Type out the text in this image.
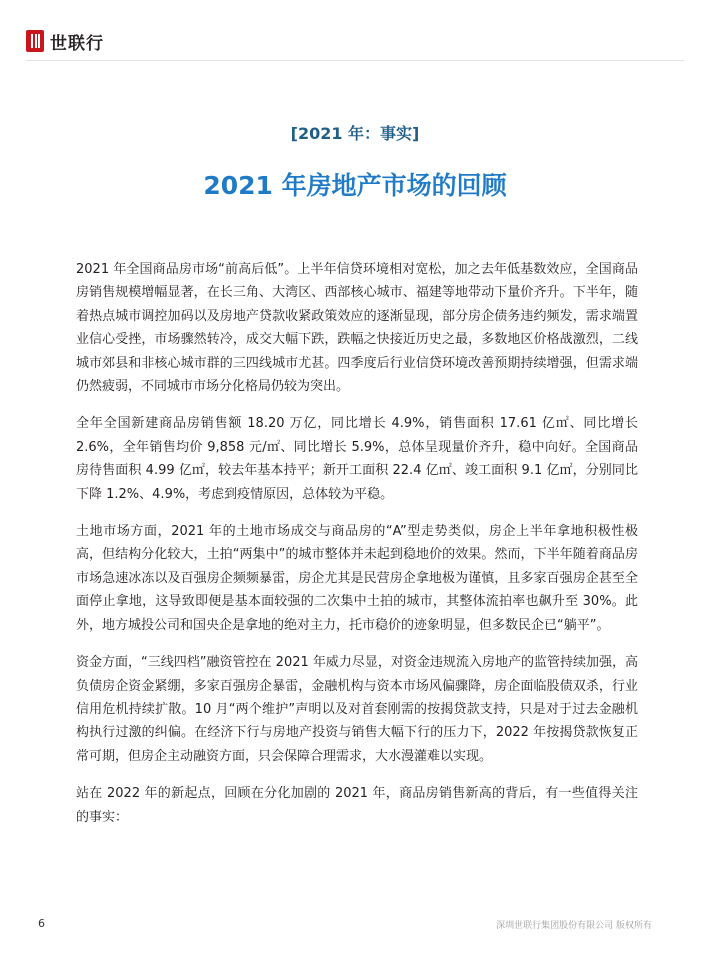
世联行
[2021 年：事实]
2021 年房地产市场的回顾

2021 年全国商品房市场“前高后低”。上半年信贷环境相对宽松，加之去年低基数效应，全国商品房销售规模增幅显著，在长三角、大湾区、西部核心城市、福建等地带动下量价齐升。下半年，随着热点城市调控加码以及房地产贷款收紧政策效应的逐渐显现，部分房企债务违约频发，需求端置业信心受挫，市场骤然转冷，成交大幅下跌，跌幅之快接近历史之最，多数地区价格战激烈，二线城市郊县和非核心城市群的三四线城市尤甚。四季度后行业信贷环境改善预期持续增强，但需求端仍然疲弱，不同城市市场分化格局仍较为突出。

全年全国新建商品房销售额 18.20 万亿，同比增长 4.9%，销售面积 17.61 亿㎡、同比增长 2.6%，全年销售均价 9,858 元/㎡、同比增长 5.9%，总体呈现量价齐升，稳中向好。全国商品房待售面积 4.99 亿㎡，较去年基本持平；新开工面积 22.4 亿㎡、竣工面积 9.1 亿㎡，分别同比下降 1.2%、4.9%，考虑到疫情原因，总体较为平稳。

土地市场方面，2021 年的土地市场成交与商品房的“A”型走势类似，房企上半年拿地积极性极高，但结构分化较大，土拍“两集中”的城市整体并未起到稳地价的效果。然而，下半年随着商品房市场急速冰冻以及百强房企频频暴雷，房企尤其是民营房企拿地极为谨慎，且多家百强房企甚至全面停止拿地，这导致即便是基本面较强的二次集中土拍的城市，其整体流拍率也飙升至 30%。此外，地方城投公司和国央企是拿地的绝对主力，托市稳价的迹象明显，但多数民企已“躺平”。

资金方面，“三线四档”融资管控在 2021 年威力尽显，对资金违规流入房地产的监管持续加强，高负债房企资金紧绷，多家百强房企暴雷，金融机构与资本市场风偏骤降，房企面临股债双杀，行业信用危机持续扩散。10 月“两个维护”声明以及对首套刚需的按揭贷款支持，只是对于过去金融机构执行过激的纠偏。在经济下行与房地产投资与销售大幅下行的压力下，2022 年按揭贷款恢复正常可期，但房企主动融资方面，只会保障合理需求，大水漫灌难以实现。

站在 2022 年的新起点，回顾在分化加剧的 2021 年，商品房销售新高的背后，有一些值得关注的事实：

6	深圳世联行集团股份有限公司 版权所有
